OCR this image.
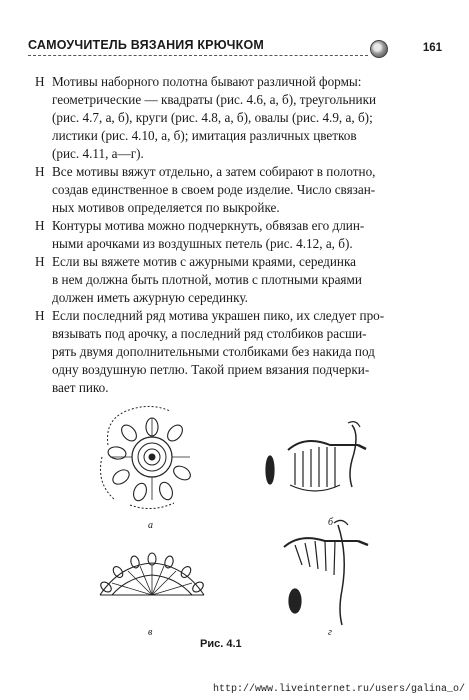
САМОУЧИТЕЛЬ ВЯЗАНИЯ КРЮЧКОМ	161
H Мотивы наборного полотна бывают различной формы:
геометрические — квадраты (рис. 4.6, а, б), треугольники
(рис. 4.7, а, б), круги (рис. 4.8, а, б), овалы (рис. 4.9, а, б);
листики (рис. 4.10, а, б); имитация различных цветков
(рис. 4.11, а—г).
H Все мотивы вяжут отдельно, а затем собирают в полотно,
создав единственное в своем роде изделие. Число связан-
ных мотивов определяется по выкройке.
H Контуры мотива можно подчеркнуть, обвязав его длин-
ными арочками из воздушных петель (рис. 4.12, а, б).
H Если вы вяжете мотив с ажурными краями, серединка
в нем должна быть плотной, мотив с плотными краями
должен иметь ажурную серединку.
H Если последний ряд мотива украшен пико, их следует про-
вязывать под арочку, а последний ряд столбиков расши-
рять двумя дополнительными столбиками без накида под
одну воздушную петлю. Такой прием вязания подчерки-
вает пико.
а	б
в	г
Рис. 4.1
http://www.liveinternet.ru/users/galina_o/
